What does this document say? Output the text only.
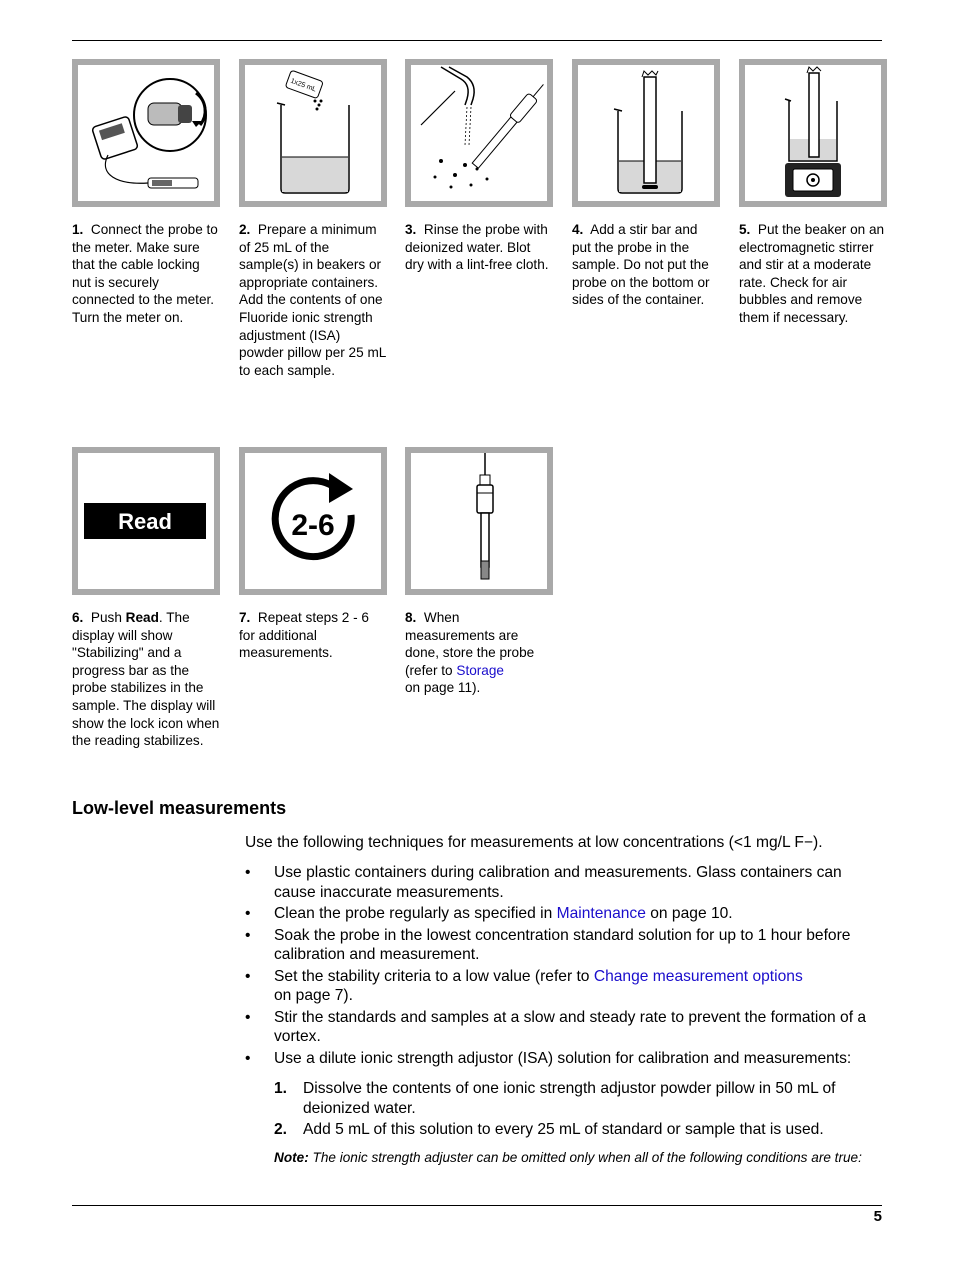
1. Connect the probe to the meter. Make sure that the cable locking nut is securely connected to the meter. Turn the meter on.
1x25 mL
2. Prepare a minimum of 25 mL of the sample(s) in beakers or appropriate containers. Add the contents of one Fluoride ionic strength adjustment (ISA) powder pillow per 25 mL to each sample.
3. Rinse the probe with deionized water. Blot dry with a lint-free cloth.
4. Add a stir bar and put the probe in the sample. Do not put the probe on the bottom or sides of the container.
5. Put the beaker on an electromagnetic stirrer and stir at a moderate rate. Check for air bubbles and remove them if necessary.
Read
6. Push Read. The display will show "Stabilizing" and a progress bar as the probe stabilizes in the sample. The display will show the lock icon when the reading stabilizes.
2-6
7. Repeat steps 2 - 6 for additional measurements.
8. When measurements are done, store the probe (refer to Storage
on page 11).
Low-level measurements
Use the following techniques for measurements at low concentrations (<1 mg/L F−).
• Use plastic containers during calibration and measurements. Glass containers can cause inaccurate measurements.
• Clean the probe regularly as specified in Maintenance on page 10.
• Soak the probe in the lowest concentration standard solution for up to 1 hour before calibration and measurement.
• Set the stability criteria to a low value (refer to Change measurement options
on page 7).
• Stir the standards and samples at a slow and steady rate to prevent the formation of a vortex.
• Use a dilute ionic strength adjustor (ISA) solution for calibration and measurements:
1. Dissolve the contents of one ionic strength adjustor powder pillow in 50 mL of deionized water.
2. Add 5 mL of this solution to every 25 mL of standard or sample that is used.
Note: The ionic strength adjuster can be omitted only when all of the following conditions are true:
5
